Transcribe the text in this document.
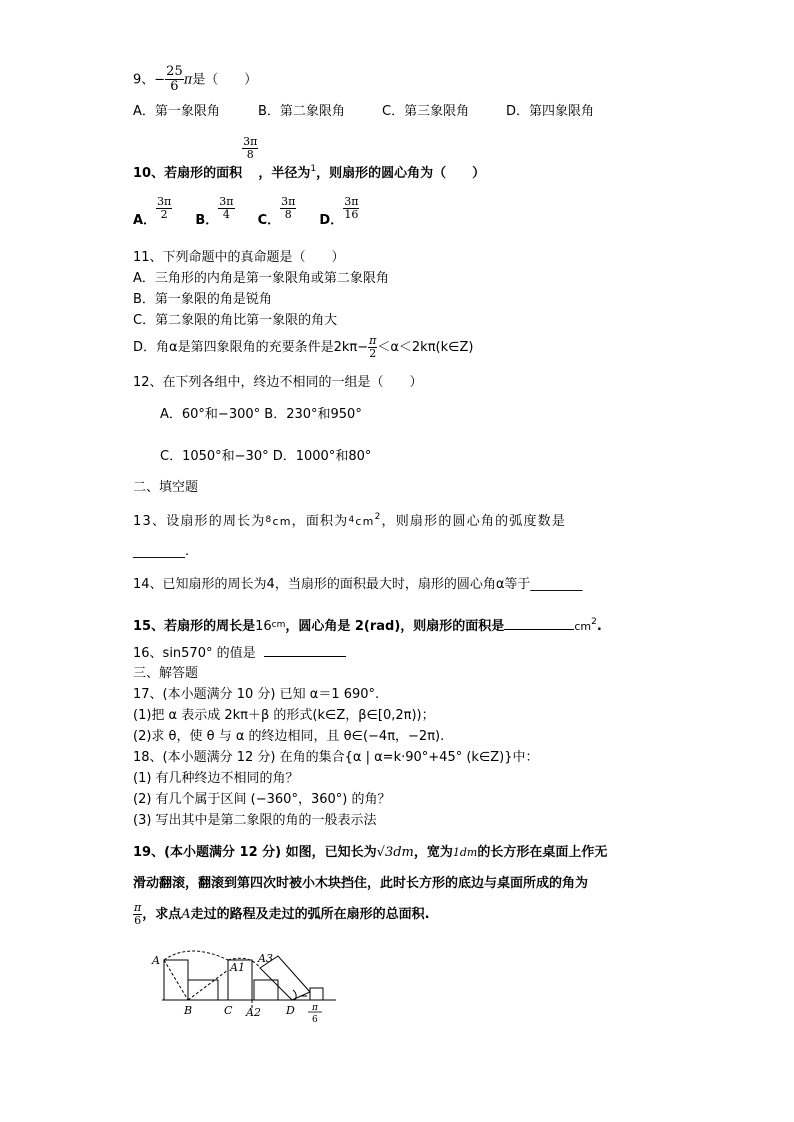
9、− $\frac{25}{6}$ π是（　　）
A．第一象限角	B．第二象限角	C．第三象限角	D．第四象限角
10、若扇形的面积
$\frac{3\pi}{8}$
，半径为$_1$，则扇形的圆心角为（　　）
A． $\frac{3\pi}{2}$ B． $\frac{3\pi}{4}$ C． $\frac{3\pi}{8}$ D． $\frac{3\pi}{16}$
11、下列命题中的真命题是（　　）
A．三角形的内角是第一象限角或第二象限角
B．第一象限的角是锐角
C．第二象限的角比第一象限的角大
D．角α是第四象限角的充要条件是$2k\pi- \frac{\pi}{2}$ ＜α＜2kπ(k∈Z)
12、在下列各组中，终边不相同的一组是（　　）
A．60°和−300° B．230°和950°
C．1050°和−30° D．1000°和80°
二、填空题
13、设扇形的周长为$^8$cm，面积为$^4cm^2$，则扇形的圆心角的弧度数是
________.
14、已知扇形的周长为4，当扇形的面积最大时，扇形的圆心角α等于________
15、若扇形的周长是$16^{cm}$，圆心角是 2(rad)，则扇形的面积是	$cm^2$.
16、sin570° 的值是
三、解答题
17、(本小题满分 10 分) 已知 α＝1 690°.
(1)把 α 表示成 2kπ＋β 的形式(k∈Z，β∈[0,2π))；
(2)求 θ，使 θ 与 α 的终边相同，且 θ∈(−4π，−2π).
18、(本小题满分 12 分) 在角的集合{α | α=k·90°+45° (k∈Z)}中：
(1) 有几种终边不相同的角？
(2) 有几个属于区间 (−360°，360°) 的角？
(3) 写出其中是第二象限的角的一般表示法
19、(本小题满分 12 分) 如图，已知长为√3dm，宽为1dm的长方形在桌面上作无
滑动翻滚，翻滚到第四次时被小木块挡住，此时长方形的底边与桌面所成的角为
$\frac{\pi}{6}$ ，求点A走过的路程及走过的弧所在扇形的总面积.
A
A1
A3
B	C A2 D π
6
